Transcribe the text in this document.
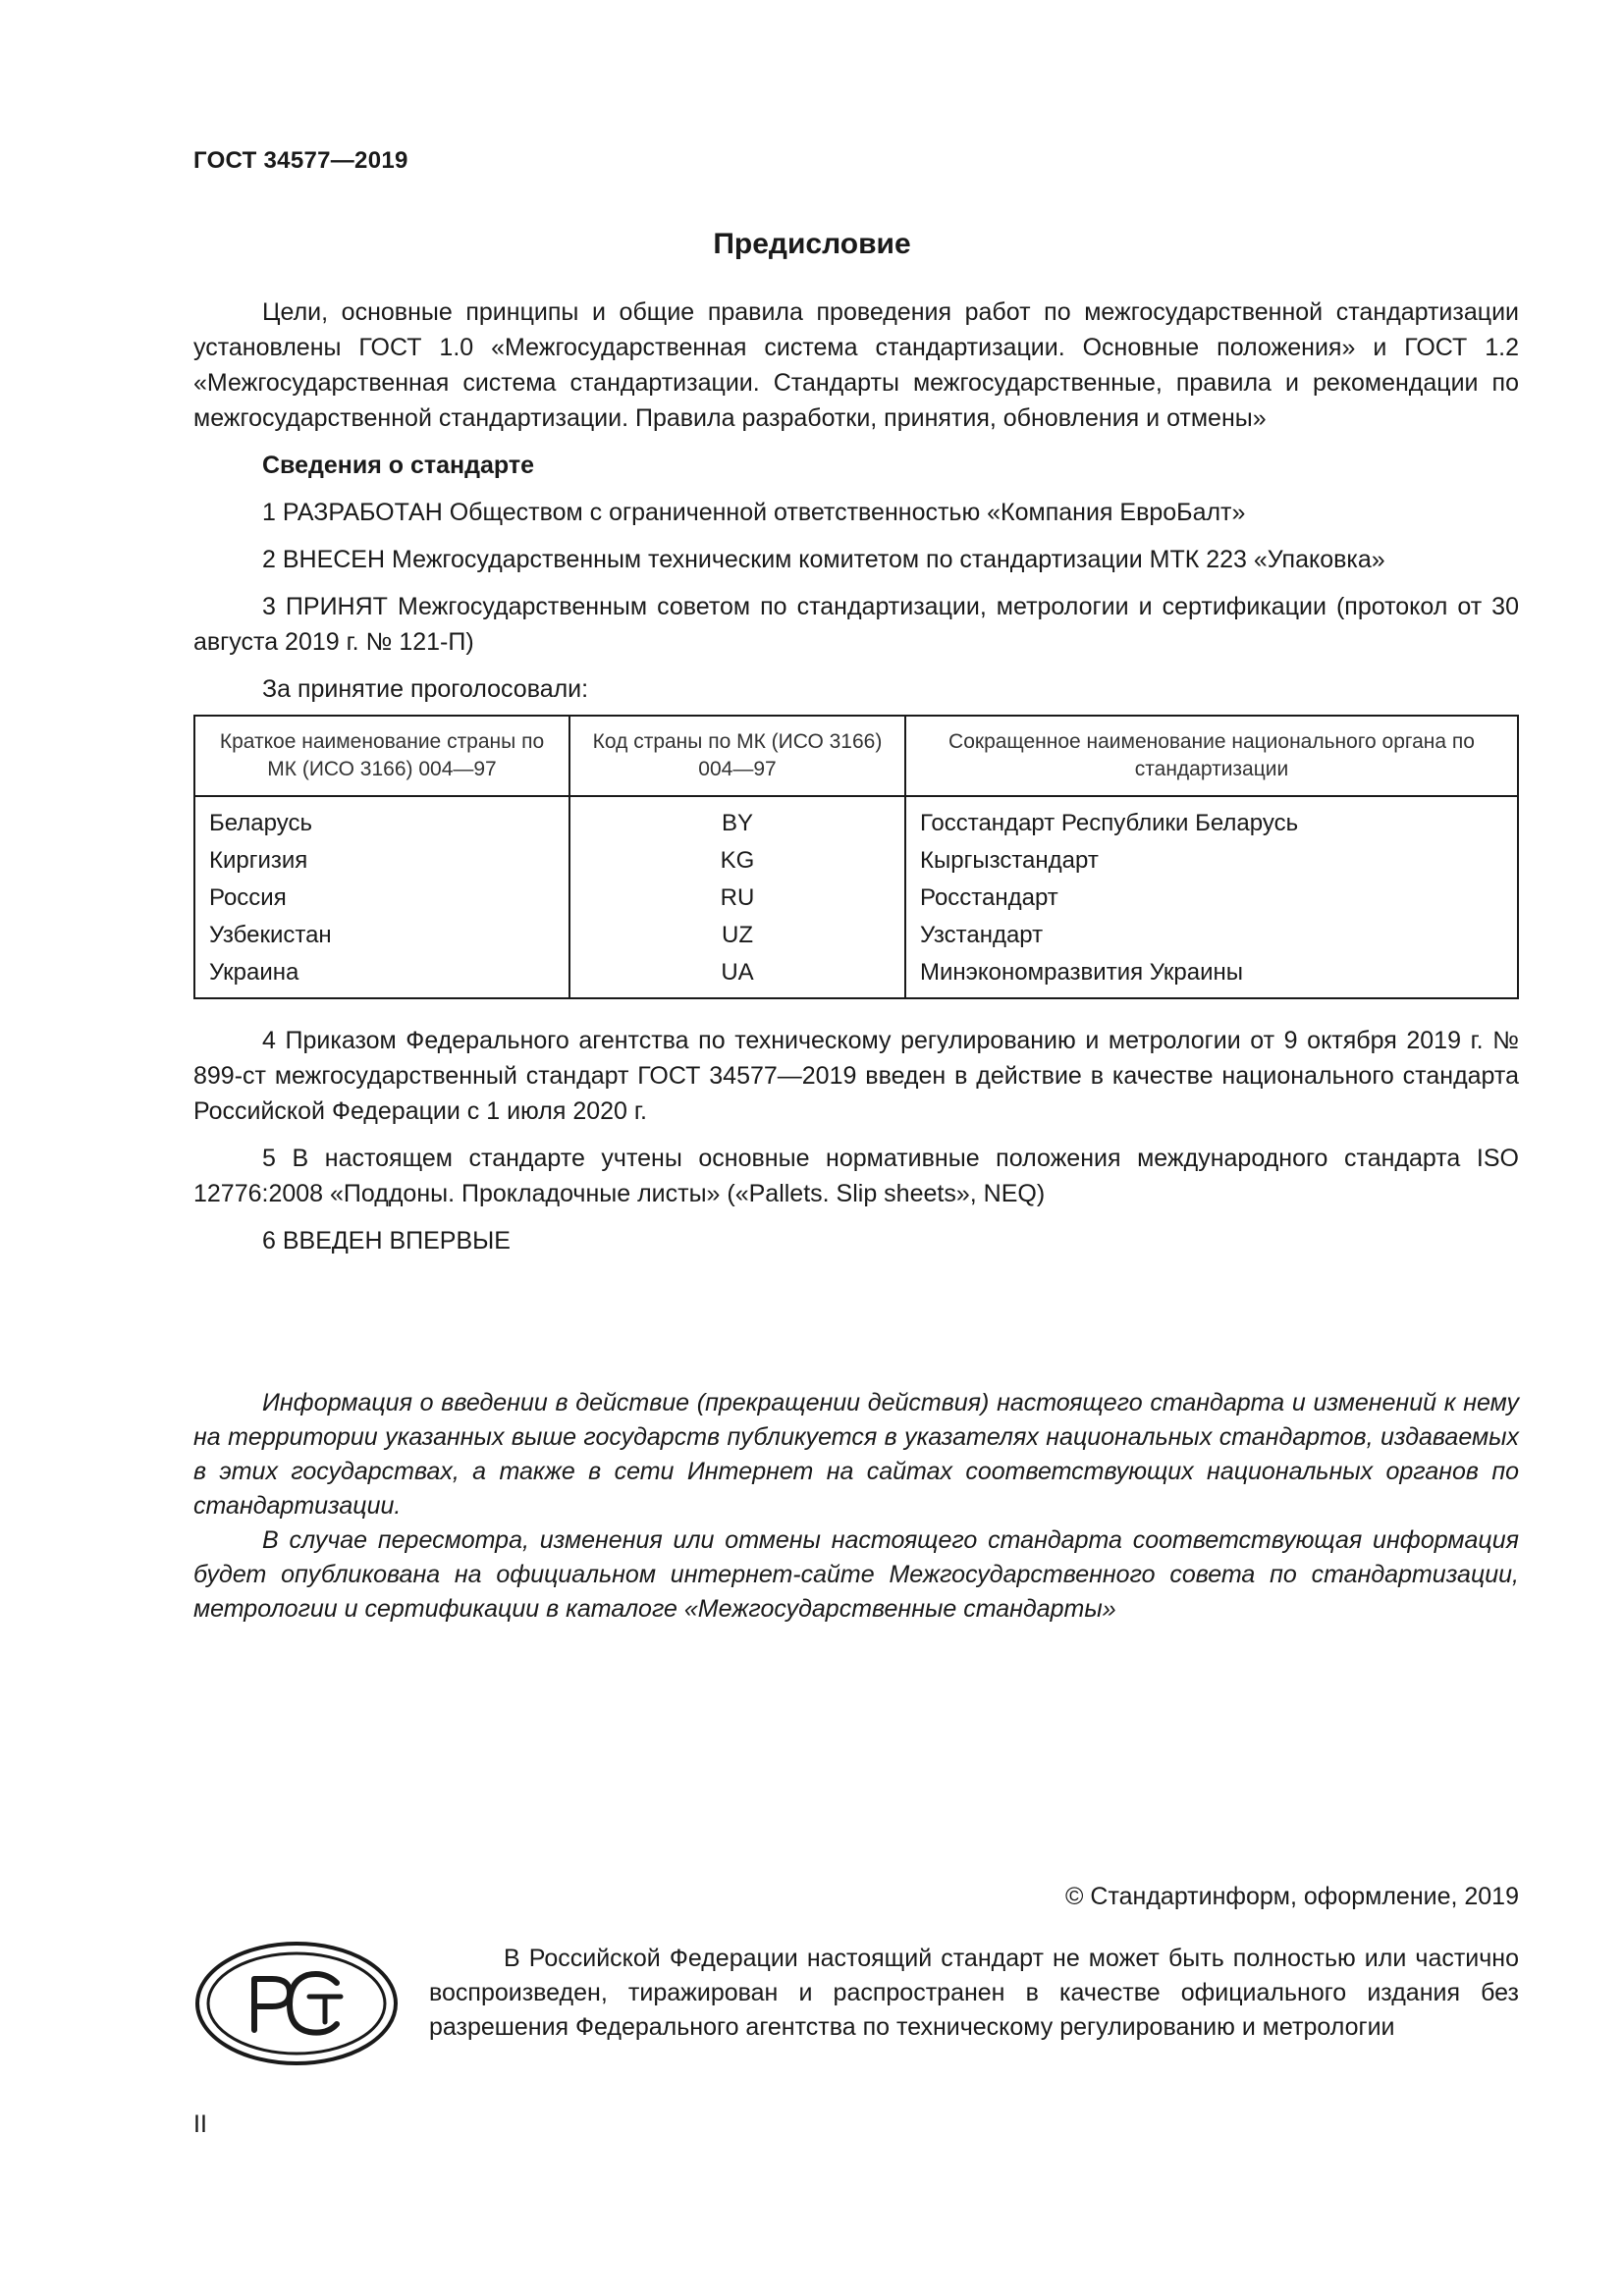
ГОСТ 34577—2019
Предисловие

Цели, основные принципы и общие правила проведения работ по межгосударственной стандартизации установлены ГОСТ 1.0 «Межгосударственная система стандартизации. Основные положения» и ГОСТ 1.2 «Межгосударственная система стандартизации. Стандарты межгосударственные, правила и рекомендации по межгосударственной стандартизации. Правила разработки, принятия, обновления и отмены»

Сведения о стандарте

1 РАЗРАБОТАН Обществом с ограниченной ответственностью «Компания ЕвроБалт»

2 ВНЕСЕН Межгосударственным техническим комитетом по стандартизации МТК 223 «Упаковка»

3 ПРИНЯТ Межгосударственным советом по стандартизации, метрологии и сертификации (протокол от 30 августа 2019 г. № 121-П)

За принятие проголосовали:

Краткое наименование страны по МК (ИСО 3166) 004—97	Код страны по МК (ИСО 3166) 004—97	Сокращенное наименование национального органа по стандартизации
Беларусь	BY	Госстандарт Республики Беларусь
Киргизия	KG	Кыргызстандарт
Россия	RU	Росстандарт
Узбекистан	UZ	Узстандарт
Украина	UA	Минэкономразвития Украины

4 Приказом Федерального агентства по техническому регулированию и метрологии от 9 октября 2019 г. № 899-ст межгосударственный стандарт ГОСТ 34577—2019 введен в действие в качестве национального стандарта Российской Федерации с 1 июля 2020 г.

5 В настоящем стандарте учтены основные нормативные положения международного стандарта ISO 12776:2008 «Поддоны. Прокладочные листы» («Pallets. Slip sheets», NEQ)

6 ВВЕДЕН ВПЕРВЫЕ

Информация о введении в действие (прекращении действия) настоящего стандарта и изменений к нему на территории указанных выше государств публикуется в указателях национальных стандартов, издаваемых в этих государствах, а также в сети Интернет на сайтах соответствующих национальных органов по стандартизации.

В случае пересмотра, изменения или отмены настоящего стандарта соответствующая информация будет опубликована на официальном интернет-сайте Межгосударственного совета по стандартизации, метрологии и сертификации в каталоге «Межгосударственные стандарты»

© Стандартинформ, оформление, 2019

В Российской Федерации настоящий стандарт не может быть полностью или частично воспроизведен, тиражирован и распространен в качестве официального издания без разрешения Федерального агентства по техническому регулированию и метрологии

II
